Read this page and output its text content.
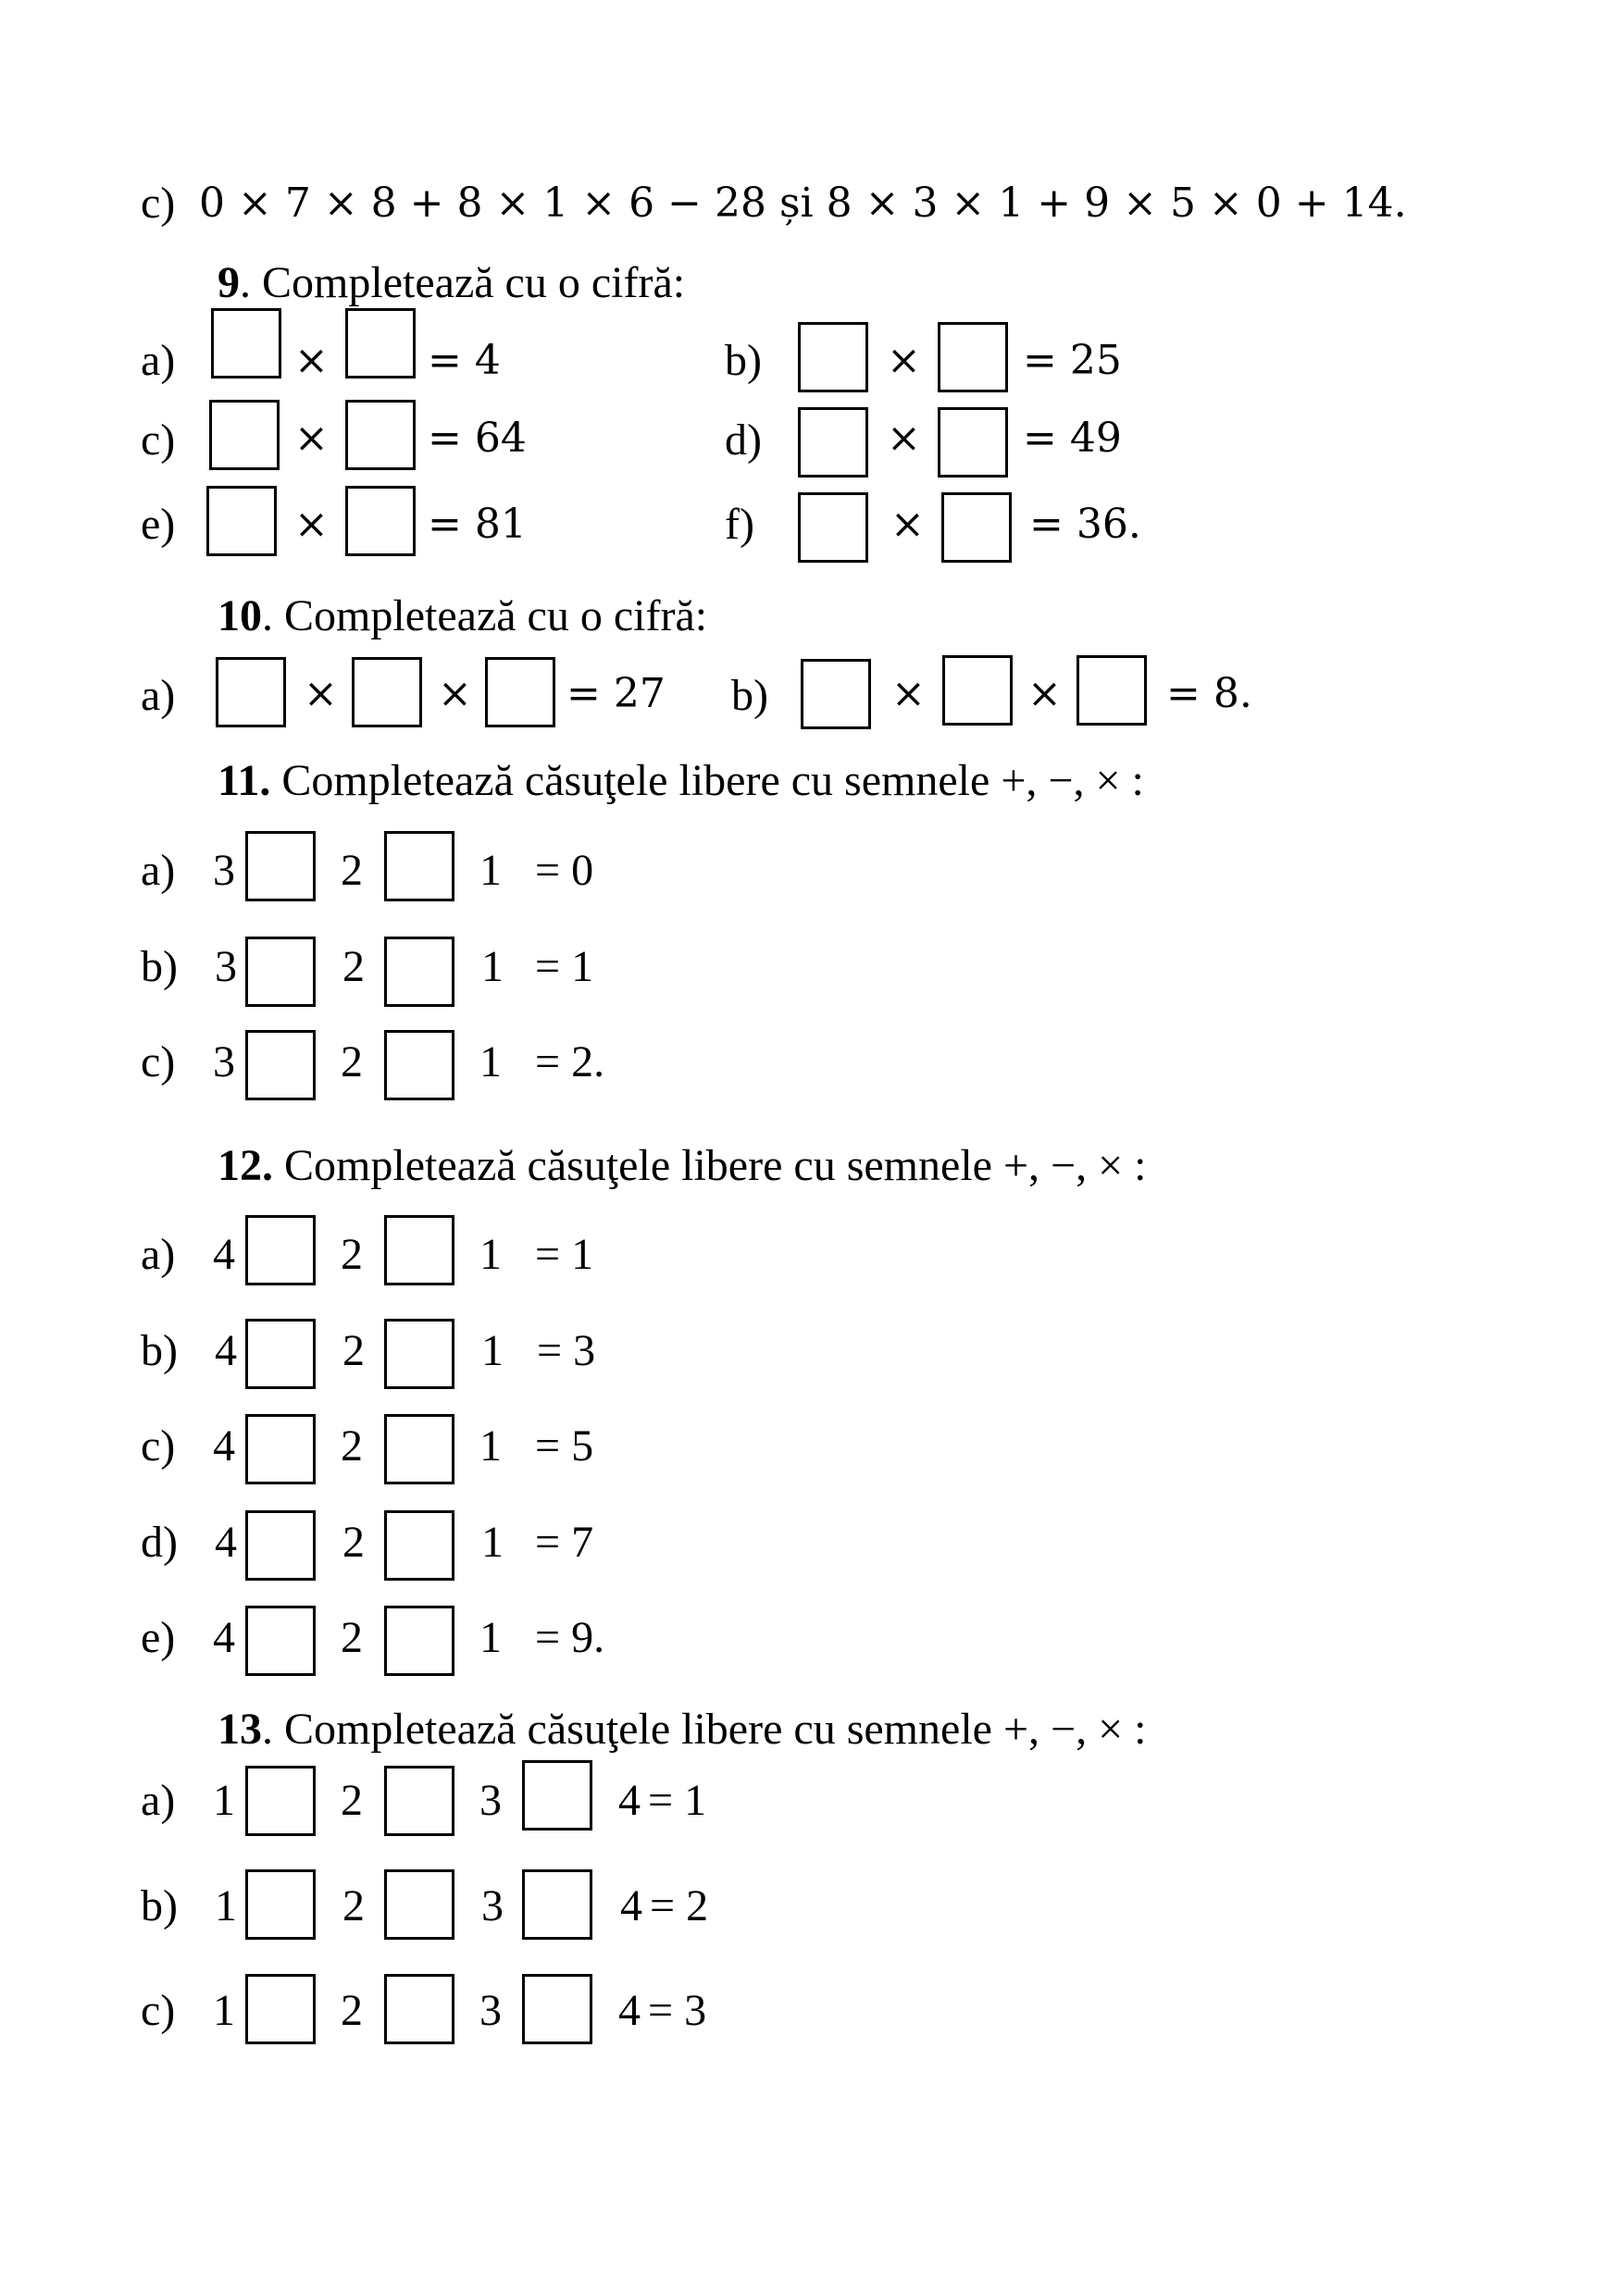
c) 0 × 7 × 8 + 8 × 1 × 6 − 28 și 8 × 3 × 1 + 9 × 5 × 0 + 14.
9. Completează cu o cifră:
a)	× = 4	b)	×	= 25
c)	× = 64	d)	×	= 49
e)	× = 81	f)	×	= 36.
10. Completează cu o cifră:
a)	× × = 27 b)	×	×	= 8.
11. Completează căsuţele libere cu semnele +, −, × :
a) 3 2	1 = 0
b) 3 2	1 = 1
c) 3 2	1 = 2.
12. Completează căsuţele libere cu semnele +, −, × :
a) 4 2	1 = 1
b) 4 2	1 = 3
c) 4 2	1 = 5
d) 4 2	1 = 7
e) 4 2	1 = 9.
13. Completează căsuţele libere cu semnele +, −, × :
a) 1 2	3	4 = 1
b) 1 2	3	4 = 2
c) 1 2	3	4 = 3
